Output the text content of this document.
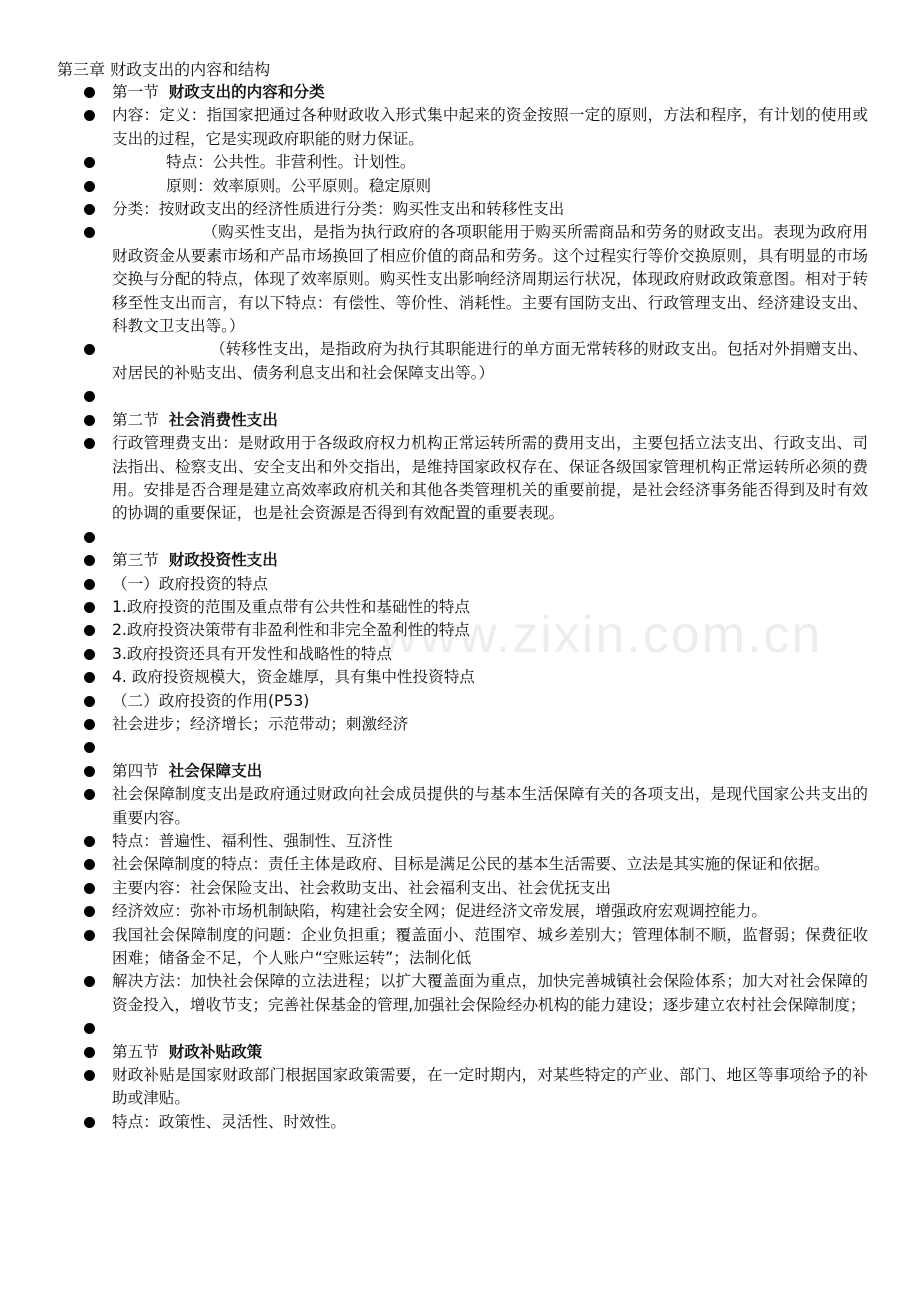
第三章 财政支出的内容和结构
第一节  财政支出的内容和分类
内容：定义：指国家把通过各种财政收入形式集中起来的资金按照一定的原则，方法和程序，有计划的使用或支出的过程，它是实现政府职能的财力保证。
特点：公共性。非营利性。计划性。
原则：效率原则。公平原则。稳定原则
分类：按财政支出的经济性质进行分类：购买性支出和转移性支出
（购买性支出，是指为执行政府的各项职能用于购买所需商品和劳务的财政支出。表现为政府用财政资金从要素市场和产品市场换回了相应价值的商品和劳务。这个过程实行等价交换原则，具有明显的市场交换与分配的特点，体现了效率原则。购买性支出影响经济周期运行状况，体现政府财政政策意图。相对于转移至性支出而言，有以下特点：有偿性、等价性、消耗性。主要有国防支出、行政管理支出、经济建设支出、科教文卫支出等。）
（转移性支出，是指政府为执行其职能进行的单方面无常转移的财政支出。包括对外捐赠支出、对居民的补贴支出、债务利息支出和社会保障支出等。）

第二节  社会消费性支出
行政管理费支出：是财政用于各级政府权力机构正常运转所需的费用支出，主要包括立法支出、行政支出、司法指出、检察支出、安全支出和外交指出，是维持国家政权存在、保证各级国家管理机构正常运转所必须的费用。安排是否合理是建立高效率政府机关和其他各类管理机关的重要前提，是社会经济事务能否得到及时有效的协调的重要保证，也是社会资源是否得到有效配置的重要表现。

第三节  财政投资性支出
（一）政府投资的特点
1.政府投资的范围及重点带有公共性和基础性的特点
2.政府投资决策带有非盈利性和非完全盈利性的特点
3.政府投资还具有开发性和战略性的特点
4. 政府投资规模大，资金雄厚，具有集中性投资特点
（二）政府投资的作用(P53)
社会进步；经济增长；示范带动；刺激经济

第四节  社会保障支出
社会保障制度支出是政府通过财政向社会成员提供的与基本生活保障有关的各项支出，是现代国家公共支出的重要内容。
特点：普遍性、福利性、强制性、互济性
社会保障制度的特点：责任主体是政府、目标是满足公民的基本生活需要、立法是其实施的保证和依据。
主要内容：社会保险支出、社会救助支出、社会福利支出、社会优抚支出
经济效应：弥补市场机制缺陷，构建社会安全网；促进经济文帝发展，增强政府宏观调控能力。
我国社会保障制度的问题：企业负担重；覆盖面小、范围窄、城乡差别大；管理体制不顺，监督弱；保费征收困难；储备金不足，个人账户“空账运转”；法制化低
解决方法：加快社会保障的立法进程；以扩大覆盖面为重点，加快完善城镇社会保险体系；加大对社会保障的资金投入，增收节支；完善社保基金的管理,加强社会保险经办机构的能力建设；逐步建立农村社会保障制度；

第五节  财政补贴政策
财政补贴是国家财政部门根据国家政策需要，在一定时期内，对某些特定的产业、部门、地区等事项给予的补助或津贴。
特点：政策性、灵活性、时效性。
www.zixin.com.cn
